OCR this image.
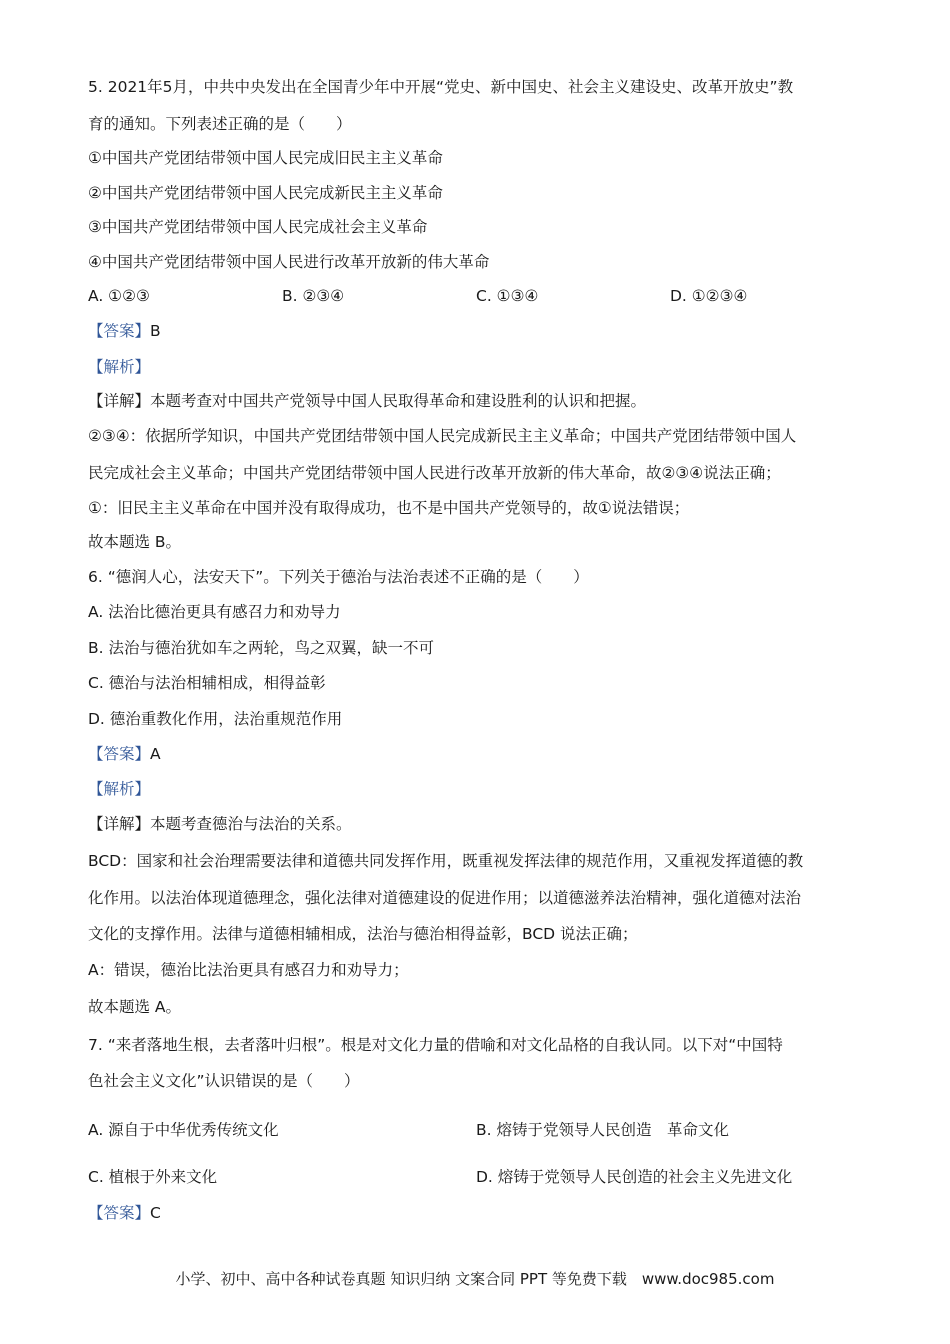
5. 2021年5月，中共中央发出在全国青少年中开展“党史、新中国史、社会主义建设史、改革开放史”教
育的通知。下列表述正确的是（　　）
①中国共产党团结带领中国人民完成旧民主主义革命
②中国共产党团结带领中国人民完成新民主主义革命
③中国共产党团结带领中国人民完成社会主义革命
④中国共产党团结带领中国人民进行改革开放新的伟大革命
A. ①②③	B. ②③④	C. ①③④	D. ①②③④
【答案】B
【解析】
【详解】本题考查对中国共产党领导中国人民取得革命和建设胜利的认识和把握。
②③④：依据所学知识，中国共产党团结带领中国人民完成新民主主义革命；中国共产党团结带领中国人
民完成社会主义革命；中国共产党团结带领中国人民进行改革开放新的伟大革命，故②③④说法正确；
①：旧民主主义革命在中国并没有取得成功，也不是中国共产党领导的，故①说法错误；
故本题选 B。
6. “德润人心，法安天下”。下列关于德治与法治表述不正确的是（　　）
A. 法治比德治更具有感召力和劝导力
B. 法治与德治犹如车之两轮，鸟之双翼，缺一不可
C. 德治与法治相辅相成，相得益彰
D. 德治重教化作用，法治重规范作用
【答案】A
【解析】
【详解】本题考查德治与法治的关系。
BCD：国家和社会治理需要法律和道德共同发挥作用，既重视发挥法律的规范作用，又重视发挥道德的教
化作用。以法治体现道德理念，强化法律对道德建设的促进作用；以道德滋养法治精神，强化道德对法治
文化的支撑作用。法律与道德相辅相成，法治与德治相得益彰，BCD 说法正确；
A：错误，德治比法治更具有感召力和劝导力；
故本题选 A。
7. “来者落地生根，去者落叶归根”。根是对文化力量的借喻和对文化品格的自我认同。以下对“中国特
色社会主义文化”认识错误的是（　　）
A. 源自于中华优秀传统文化	B. 熔铸于党领导人民创造　革命文化
C. 植根于外来文化	D. 熔铸于党领导人民创造的社会主义先进文化
【答案】C
小学、初中、高中各种试卷真题 知识归纳 文案合同 PPT 等免费下载　www.doc985.com
